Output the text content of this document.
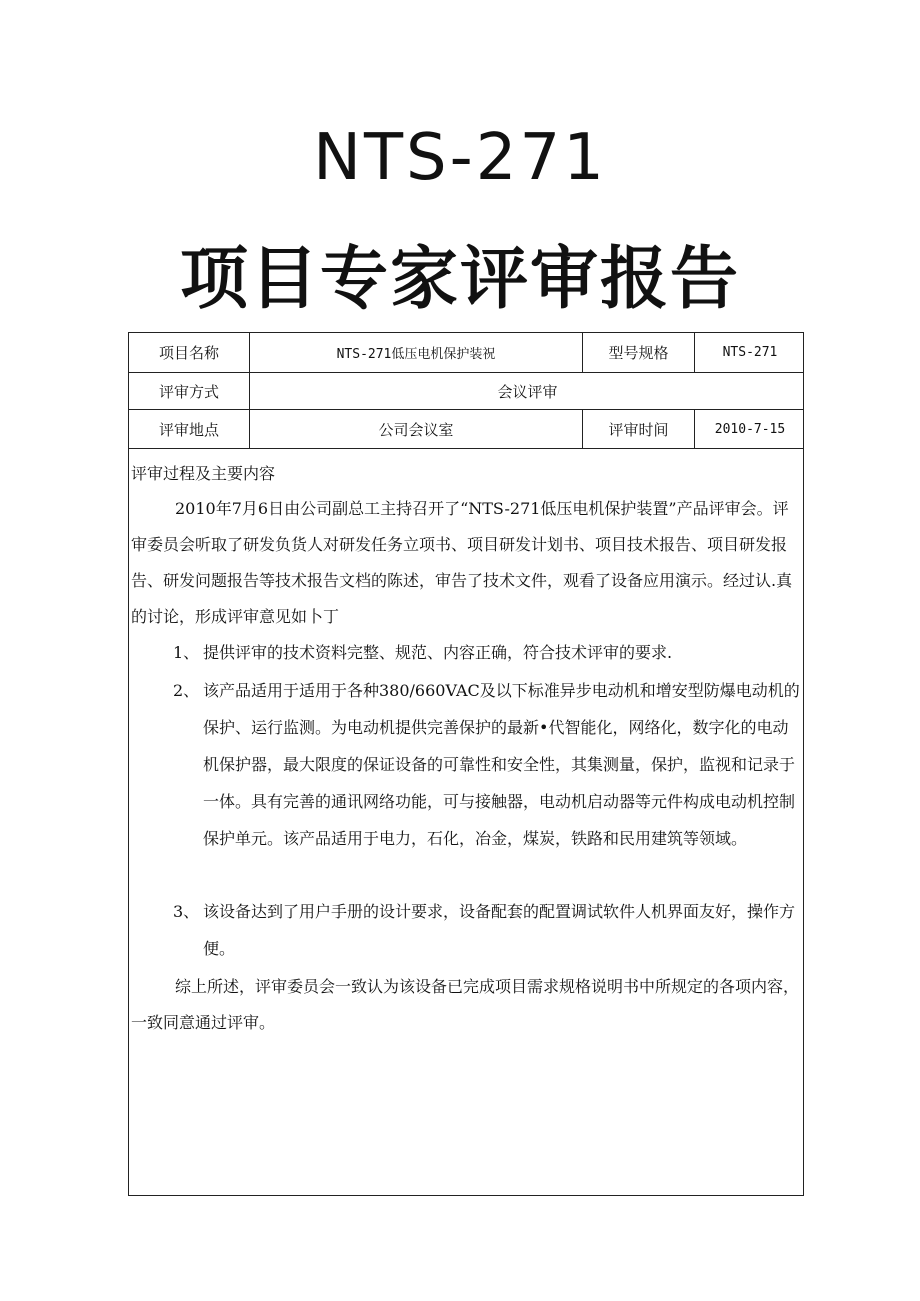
NTS-271
项目专家评审报告
项目名称	NTS-271低压电机保护装祝	型号规格	NTS-271
评审方式	会议评审
评审地点	公司会议室	评审时间	2010-7-15
评审过程及主要内容
2010年7月6日由公司副总工主持召开了“NTS-271低压电机保护装置”产品评审会。评审委员会听取了研发负货人对研发任务立项书、项目研发计划书、项目技术报告、项目研发报告、研发问题报告等技术报告文档的陈述，审告了技术文件，观看了设备应用演示。经过认.真的讨论，形成评审意见如卜丁
1、 提供评审的技术资料完整、规范、内容正确，符合技术评审的要求.
2、 该产品适用于适用于各种380∕660VAC及以下标准异步电动机和增安型防爆电动机的保护、运行监测。为电动机提供完善保护的最新•代智能化，网络化，数字化的电动机保护器，最大限度的保证设备的可靠性和安全性，其集测量，保护，监视和记录于一体。具有完善的通讯网络功能，可与接触器，电动机启动器等元件构成电动机控制保护单元。该产品适用于电力，石化，冶金，煤炭，铁路和民用建筑等领域。
3、 该设备达到了用户手册的设计要求，设备配套的配置调试软件人机界面友好，操作方便。
综上所述，评审委员会一致认为该设备已完成项目需求规格说明书中所规定的各项内容，一致同意通过评审。
